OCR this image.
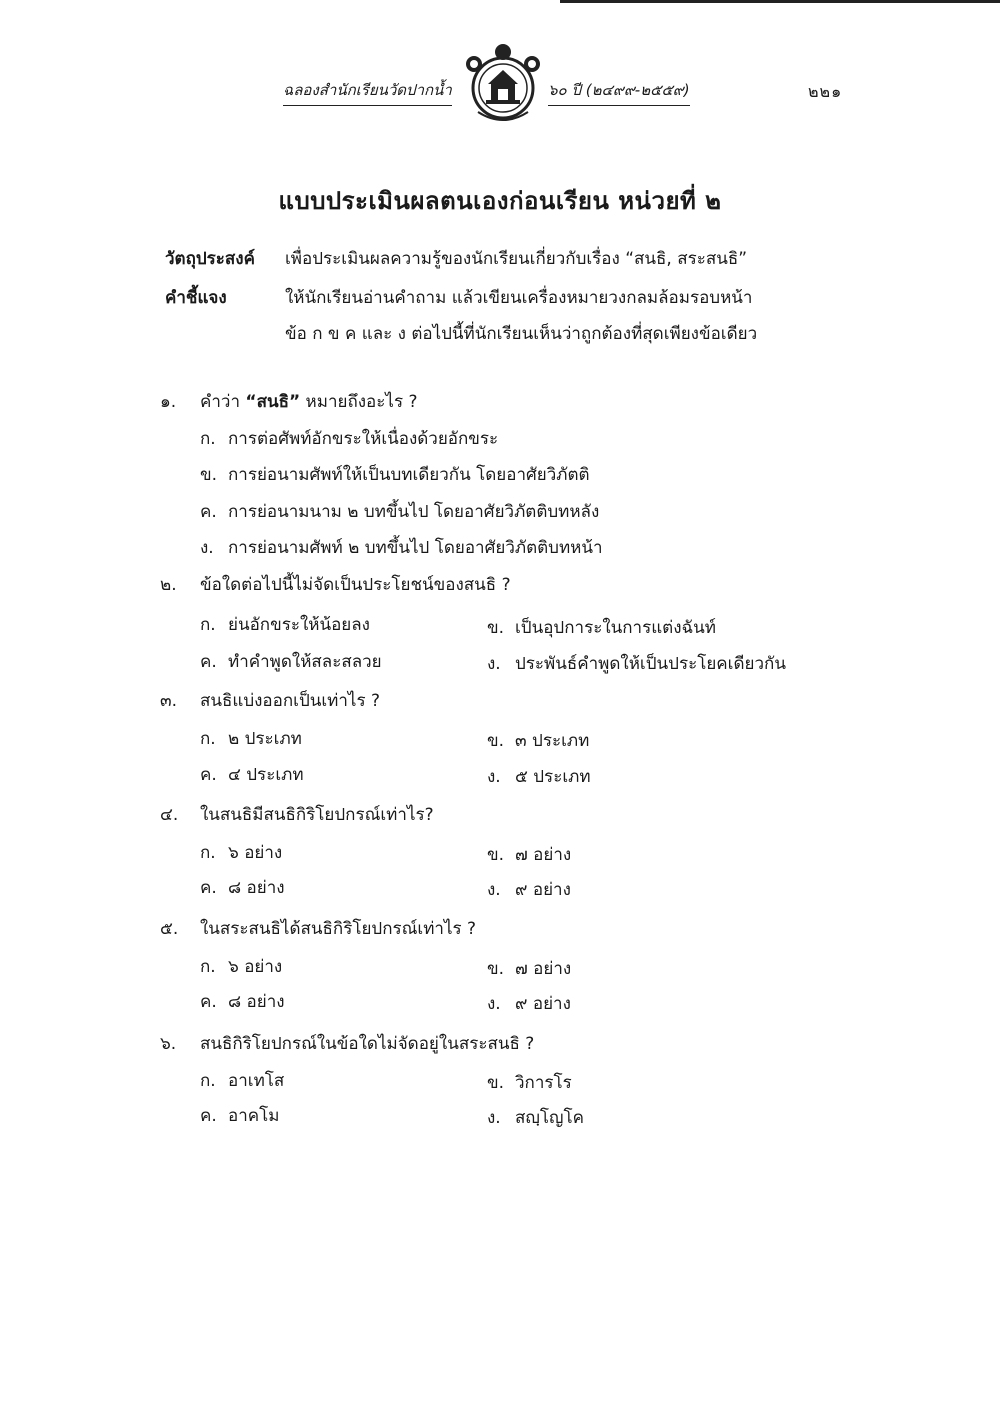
ฉลองสำนักเรียนวัดปากน้ำ	๖๐ ปี (๒๔๙๙-๒๕๕๙)	๒๒๑
แบบประเมินผลตนเองก่อนเรียน หน่วยที่ ๒
วัตถุประสงค์ เพื่อประเมินผลความรู้ของนักเรียนเกี่ยวกับเรื่อง “สนธิ, สระสนธิ”
คำชี้แจง	ให้นักเรียนอ่านคำถาม แล้วเขียนเครื่องหมายวงกลมล้อมรอบหน้า
ข้อ ก ข ค และ ง ต่อไปนี้ที่นักเรียนเห็นว่าถูกต้องที่สุดเพียงข้อเดียว
๑. คำว่า “สนธิ” หมายถึงอะไร ?
ก. การต่อศัพท์อักขระให้เนื่องด้วยอักขระ
ข. การย่อนามศัพท์ให้เป็นบทเดียวกัน โดยอาศัยวิภัตติ
ค. การย่อนามนาม ๒ บทขึ้นไป โดยอาศัยวิภัตติบทหลัง
ง. การย่อนามศัพท์ ๒ บทขึ้นไป โดยอาศัยวิภัตติบทหน้า
๒. ข้อใดต่อไปนี้ไม่จัดเป็นประโยชน์ของสนธิ ?
ก. ย่นอักขระให้น้อยลง	ข. เป็นอุปการะในการแต่งฉันท์
ค. ทำคำพูดให้สละสลวย	ง. ประพันธ์คำพูดให้เป็นประโยคเดียวกัน
๓. สนธิแบ่งออกเป็นเท่าไร ?
ก. ๒ ประเภท	ข. ๓ ประเภท
ค. ๔ ประเภท	ง. ๕ ประเภท
๔. ในสนธิมีสนธิกิริโยปกรณ์เท่าไร?
ก. ๖ อย่าง	ข. ๗ อย่าง
ค. ๘ อย่าง	ง. ๙ อย่าง
๕. ในสระสนธิได้สนธิกิริโยปกรณ์เท่าไร ?
ก. ๖ อย่าง	ข. ๗ อย่าง
ค. ๘ อย่าง	ง. ๙ อย่าง
๖. สนธิกิริโยปกรณ์ในข้อใดไม่จัดอยู่ในสระสนธิ ?
ก. อาเทโส	ข. วิการโร
ค. อาคโม	ง. สญฺโญโค
